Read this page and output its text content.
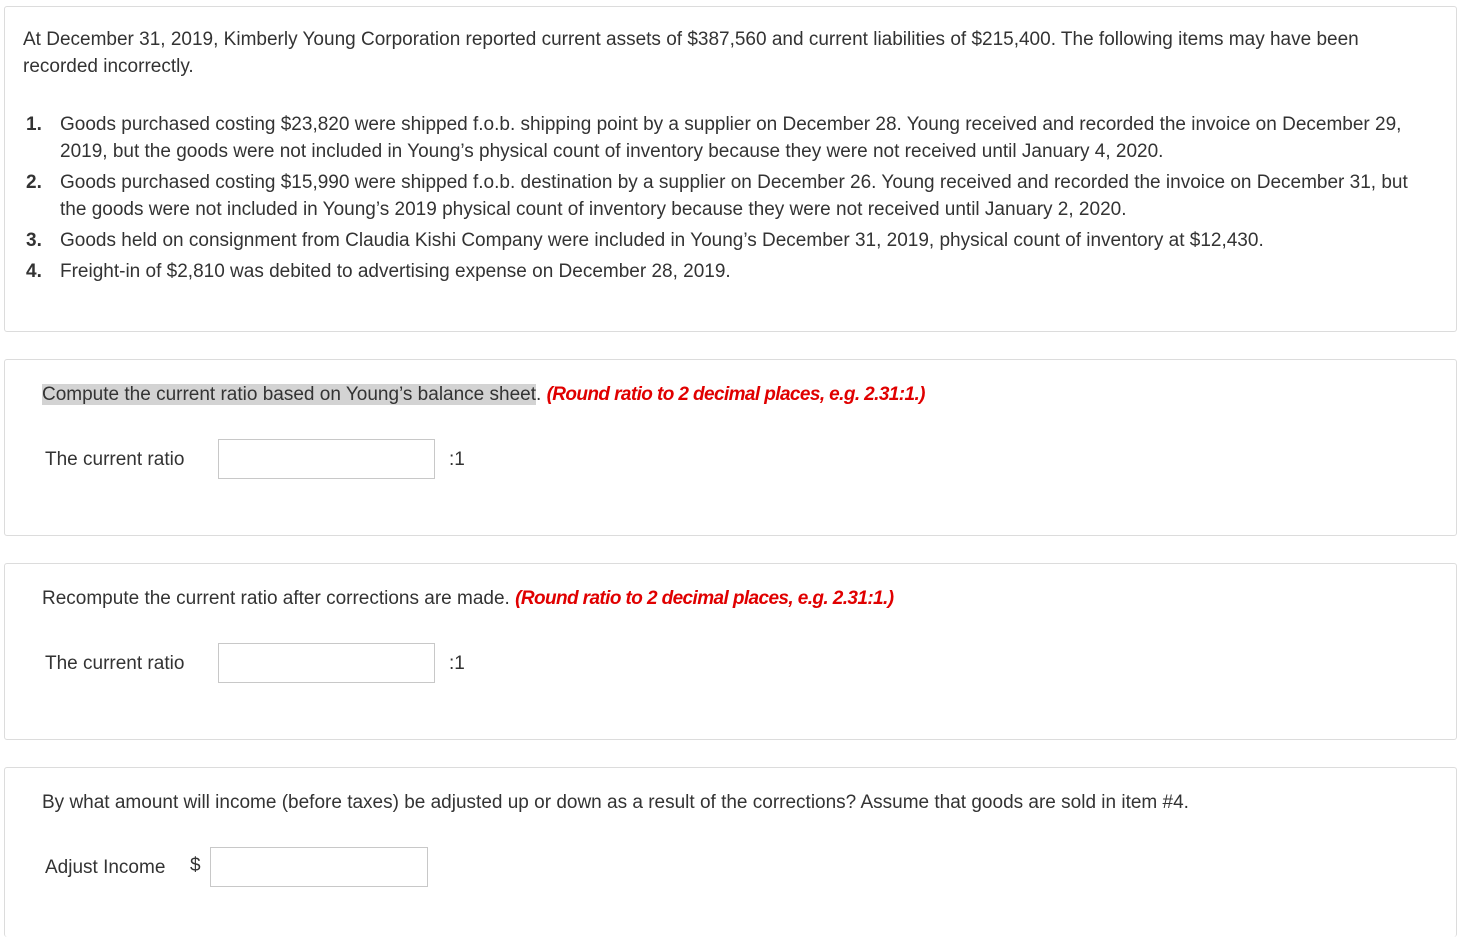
At December 31, 2019, Kimberly Young Corporation reported current assets of $387,560 and current liabilities of $215,400. The following items may have been recorded incorrectly.

1. Goods purchased costing $23,820 were shipped f.o.b. shipping point by a supplier on December 28. Young received and recorded the invoice on December 29, 2019, but the goods were not included in Young’s physical count of inventory because they were not received until January 4, 2020.
2. Goods purchased costing $15,990 were shipped f.o.b. destination by a supplier on December 26. Young received and recorded the invoice on December 31, but the goods were not included in Young’s 2019 physical count of inventory because they were not received until January 2, 2020.
3. Goods held on consignment from Claudia Kishi Company were included in Young’s December 31, 2019, physical count of inventory at $12,430.
4. Freight-in of $2,810 was debited to advertising expense on December 28, 2019.

Compute the current ratio based on Young’s balance sheet. (Round ratio to 2 decimal places, e.g. 2.31:1.)

The current ratio	:1

Recompute the current ratio after corrections are made. (Round ratio to 2 decimal places, e.g. 2.31:1.)

The current ratio	:1

By what amount will income (before taxes) be adjusted up or down as a result of the corrections? Assume that goods are sold in item #4.

Adjust Income $
